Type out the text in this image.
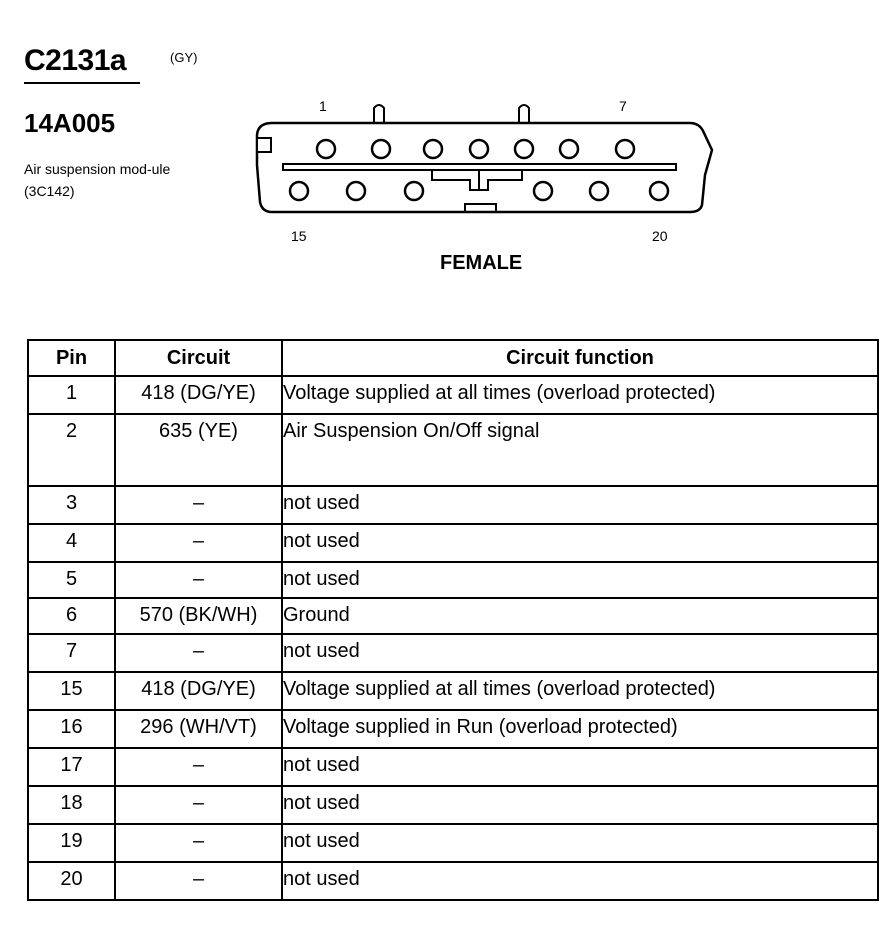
C2131a	(GY)
14A005
Air suspension mod-ule (3C142)
1	7
15	20
FEMALE
Pin	Circuit	Circuit function
1	418 (DG/YE)	Voltage supplied at all times (overload protected)
2	635 (YE)	Air Suspension On/Off signal
3	–	not used
4	–	not used
5	–	not used
6	570 (BK/WH)	Ground
7	–	not used
15	418 (DG/YE)	Voltage supplied at all times (overload protected)
16	296 (WH/VT)	Voltage supplied in Run (overload protected)
17	–	not used
18	–	not used
19	–	not used
20	–	not used
